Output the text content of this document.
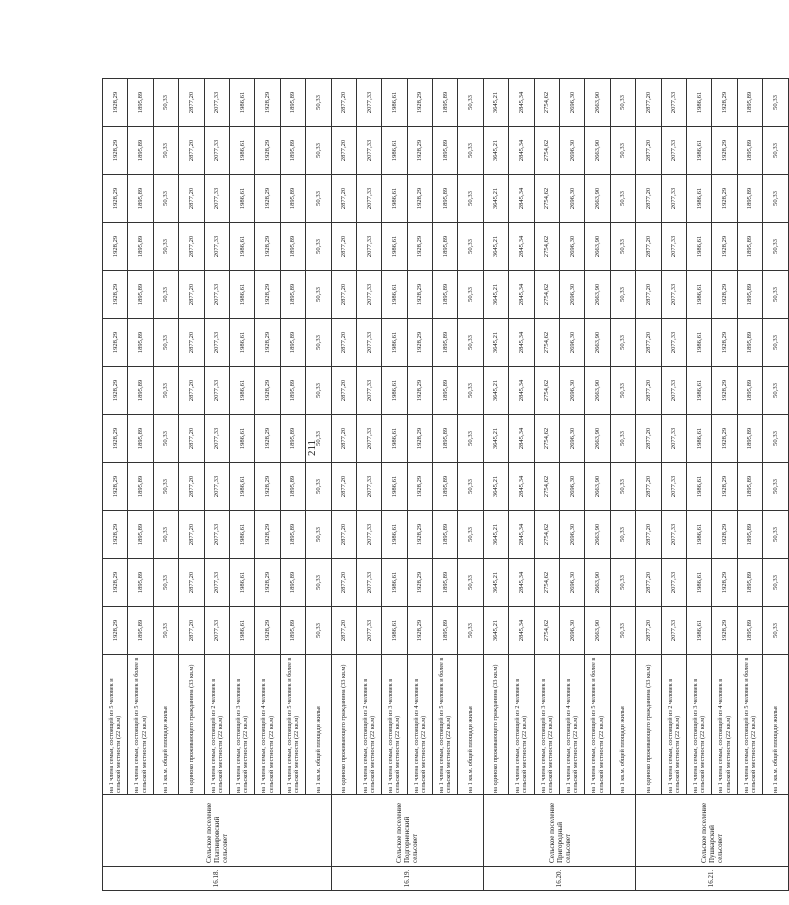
211
16.18.	Сельское поселение Платнировский сельсовет	на 1 члена семьи, состоящей из 5 человек и сельской местности (22 кв.м)	1928,29	1928,29	1928,29	1928,29	1928,29	1928,29	1928,29	1928,29	1928,29	1928,29	1928,29	1928,29
		на 1 члена семьи, состоящей из 5 человек и более в сельской местности (22 кв.м)	1895,89	1895,89	1895,89	1895,89	1895,89	1895,89	1895,89	1895,89	1895,89	1895,89	1895,89	1895,89
		на 1 кв.м. общей площади жилья	50,33	50,33	50,33	50,33	50,33	50,33	50,33	50,33	50,33	50,33	50,33	50,33
		на одиноко проживающего гражданина (33 кв.м)	2877,20	2877,20	2877,20	2877,20	2877,20	2877,20	2877,20	2877,20	2877,20	2877,20	2877,20	2877,20
		на 1 члена семьи, состоящей из 2 человек в сельской местности (22 кв.м)	2077,33	2077,33	2077,33	2077,33	2077,33	2077,33	2077,33	2077,33	2077,33	2077,33	2077,33	2077,33
		на 1 члена семьи, состоящей из 3 человек в сельской местности (22 кв.м)	1986,61	1986,61	1986,61	1986,61	1986,61	1986,61	1986,61	1986,61	1986,61	1986,61	1986,61	1986,61
		на 1 члена семьи, состоящей из 4 человек в сельской местности (22 кв.м)	1928,29	1928,29	1928,29	1928,29	1928,29	1928,29	1928,29	1928,29	1928,29	1928,29	1928,29	1928,29
		на 1 члена семьи, состоящей из 5 человек и более в сельской местности (22 кв.м)	1895,89	1895,89	1895,89	1895,89	1895,89	1895,89	1895,89	1895,89	1895,89	1895,89	1895,89	1895,89
		на 1 кв.м. общей площади жилья	50,33	50,33	50,33	50,33	50,33	50,33	50,33	50,33	50,33	50,33	50,33	50,33
16.19.	Сельское поселение Подгорненский сельсовет	на одиноко проживающего гражданина (33 кв.м)	2877,20	2877,20	2877,20	2877,20	2877,20	2877,20	2877,20	2877,20	2877,20	2877,20	2877,20	2877,20
		на 1 члена семьи, состоящей из 2 человек в сельской местности (22 кв.м)	2077,33	2077,33	2077,33	2077,33	2077,33	2077,33	2077,33	2077,33	2077,33	2077,33	2077,33	2077,33
		на 1 члена семьи, состоящей из 3 человек в сельской местности (22 кв.м)	1986,61	1986,61	1986,61	1986,61	1986,61	1986,61	1986,61	1986,61	1986,61	1986,61	1986,61	1986,61
		на 1 члена семьи, состоящей из 4 человек в сельской местности (22 кв.м)	1928,29	1928,29	1928,29	1928,29	1928,29	1928,29	1928,29	1928,29	1928,29	1928,29	1928,29	1928,29
		на 1 члена семьи, состоящей из 5 человек и более в сельской местности (22 кв.м)	1895,89	1895,89	1895,89	1895,89	1895,89	1895,89	1895,89	1895,89	1895,89	1895,89	1895,89	1895,89
		на 1 кв.м. общей площади жилья	50,33	50,33	50,33	50,33	50,33	50,33	50,33	50,33	50,33	50,33	50,33	50,33
16.20.	Сельское поселение Пригородный сельсовет	на одиноко проживающего гражданина (33 кв.м)	3645,21	3645,21	3645,21	3645,21	3645,21	3645,21	3645,21	3645,21	3645,21	3645,21	3645,21	3645,21
		на 1 члена семьи, состоящей из 2 человек в сельской местности (22 кв.м)	2845,34	2845,34	2845,34	2845,34	2845,34	2845,34	2845,34	2845,34	2845,34	2845,34	2845,34	2845,34
		на 1 члена семьи, состоящей из 3 человек в сельской местности (22 кв.м)	2754,62	2754,62	2754,62	2754,62	2754,62	2754,62	2754,62	2754,62	2754,62	2754,62	2754,62	2754,62
		на 1 члена семьи, состоящей из 4 человек в сельской местности (22 кв.м)	2696,30	2696,30	2696,30	2696,30	2696,30	2696,30	2696,30	2696,30	2696,30	2696,30	2696,30	2696,30
		на 1 члена семьи, состоящей из 5 человек и более в сельской местности (22 кв.м)	2663,90	2663,90	2663,90	2663,90	2663,90	2663,90	2663,90	2663,90	2663,90	2663,90	2663,90	2663,90
		на 1 кв.м. общей площади жилья	50,33	50,33	50,33	50,33	50,33	50,33	50,33	50,33	50,33	50,33	50,33	50,33
16.21.	Сельское поселение Пушкарский сельсовет	на одиноко проживающего гражданина (33 кв.м)	2877,20	2877,20	2877,20	2877,20	2877,20	2877,20	2877,20	2877,20	2877,20	2877,20	2877,20	2877,20
		на 1 члена семьи, состоящей из 2 человек в сельской местности (22 кв.м)	2077,33	2077,33	2077,33	2077,33	2077,33	2077,33	2077,33	2077,33	2077,33	2077,33	2077,33	2077,33
		на 1 члена семьи, состоящей из 3 человек в сельской местности (22 кв.м)	1986,61	1986,61	1986,61	1986,61	1986,61	1986,61	1986,61	1986,61	1986,61	1986,61	1986,61	1986,61
		на 1 члена семьи, состоящей из 4 человек в сельской местности (22 кв.м)	1928,29	1928,29	1928,29	1928,29	1928,29	1928,29	1928,29	1928,29	1928,29	1928,29	1928,29	1928,29
		на 1 члена семьи, состоящей из 5 человек и более в сельской местности (22 кв.м)	1895,89	1895,89	1895,89	1895,89	1895,89	1895,89	1895,89	1895,89	1895,89	1895,89	1895,89	1895,89
		на 1 кв.м. общей площади жилья	50,33	50,33	50,33	50,33	50,33	50,33	50,33	50,33	50,33	50,33	50,33	50,33
